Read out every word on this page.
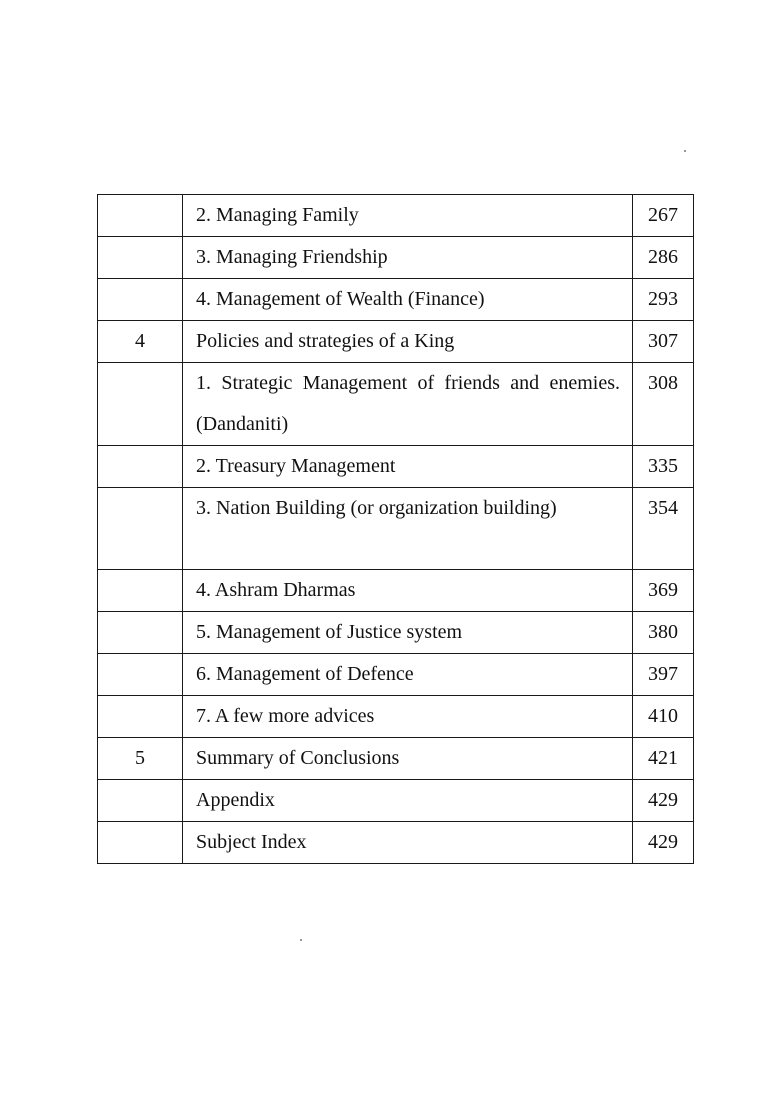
	2. Managing Family	267
	3. Managing Friendship	286
	4. Management of Wealth (Finance)	293
4	Policies and strategies of a King	307
	1. Strategic Management of friends and enemies. (Dandaniti)	308
	2. Treasury Management	335
	3. Nation Building (or organization building)	354
	4. Ashram Dharmas	369
	5. Management of Justice system	380
	6. Management of Defence	397
	7. A few more advices	410
5	Summary of Conclusions	421
	Appendix	429
	Subject Index	429
